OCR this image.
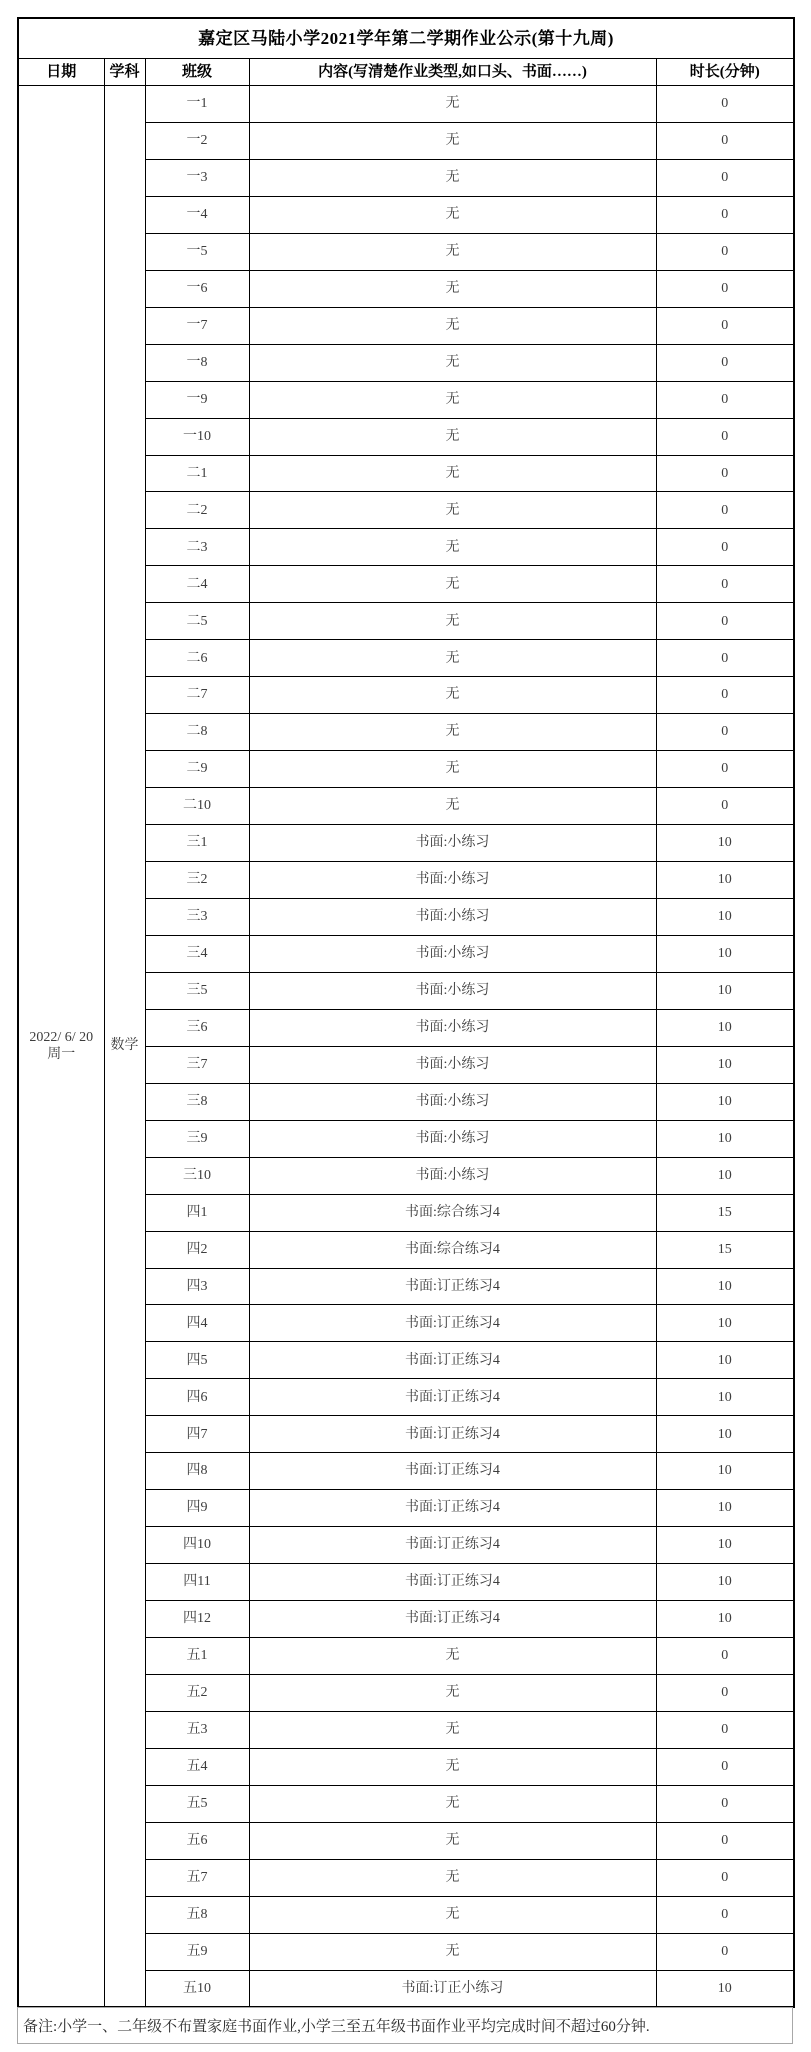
嘉定区马陆小学2021学年第二学期作业公示(第十九周)				
日期	学科	班级	内容(写清楚作业类型,如口头、书面……)	时长(分钟)

2022/ 6/ 20
周一	数学	一1	无	0
		一2	无	0
		一3	无	0
		一4	无	0
		一5	无	0
		一6	无	0
		一7	无	0
		一8	无	0
		一9	无	0
		一10	无	0
		二1	无	0
		二2	无	0
		二3	无	0
		二4	无	0
		二5	无	0
		二6	无	0
		二7	无	0
		二8	无	0
		二9	无	0
		二10	无	0
		三1	书面:小练习	10
		三2	书面:小练习	10
		三3	书面:小练习	10
		三4	书面:小练习	10
		三5	书面:小练习	10
		三6	书面:小练习	10
		三7	书面:小练习	10
		三8	书面:小练习	10
		三9	书面:小练习	10
		三10	书面:小练习	10
		四1	书面:综合练习4	15
		四2	书面:综合练习4	15
		四3	书面:订正练习4	10
		四4	书面:订正练习4	10
		四5	书面:订正练习4	10
		四6	书面:订正练习4	10
		四7	书面:订正练习4	10
		四8	书面:订正练习4	10
		四9	书面:订正练习4	10
		四10	书面:订正练习4	10
		四11	书面:订正练习4	10
		四12	书面:订正练习4	10
		五1	无	0
		五2	无	0
		五3	无	0
		五4	无	0
		五5	无	0
		五6	无	0
		五7	无	0
		五8	无	0
		五9	无	0
		五10	书面:订正小练习	10
备注:小学一、二年级不布置家庭书面作业,小学三至五年级书面作业平均完成时间不超过60分钟.
